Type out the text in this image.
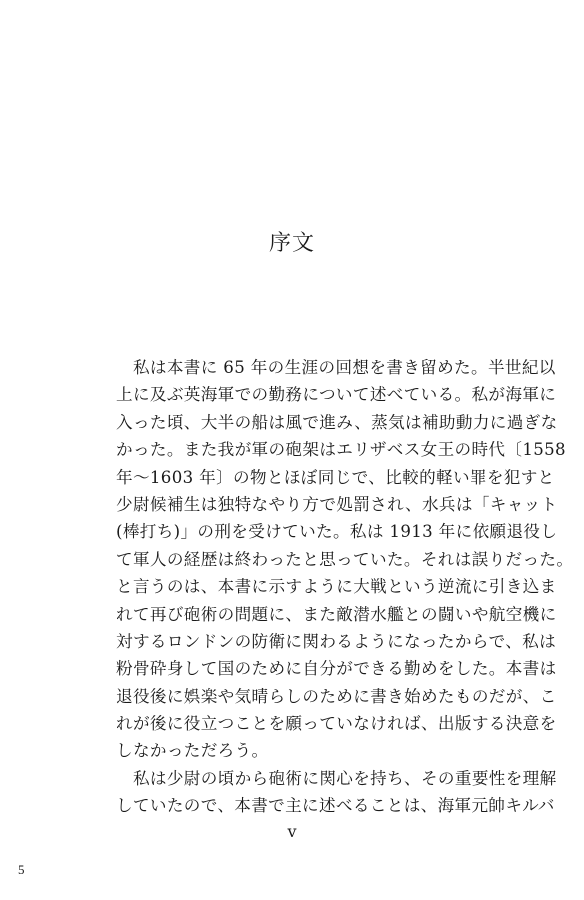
序文
　私は本書に 65 年の生涯の回想を書き留めた。半世紀以
上に及ぶ英海軍での勤務について述べている。私が海軍に
入った頃、大半の船は風で進み、蒸気は補助動力に過ぎな
かった。また我が軍の砲架はエリザベス女王の時代〔1558
年～1603 年〕の物とほぼ同じで、比較的軽い罪を犯すと
少尉候補生は独特なやり方で処罰され、水兵は「キャット
(棒打ち)」の刑を受けていた。私は 1913 年に依願退役し
て軍人の経歴は終わったと思っていた。それは誤りだった。
と言うのは、本書に示すように大戦という逆流に引き込ま
れて再び砲術の問題に、また敵潜水艦との闘いや航空機に
対するロンドンの防衛に関わるようになったからで、私は
粉骨砕身して国のために自分ができる勤めをした。本書は
退役後に娯楽や気晴らしのために書き始めたものだが、こ
れが後に役立つことを願っていなければ、出版する決意を
しなかっただろう。
　私は少尉の頃から砲術に関心を持ち、その重要性を理解
していたので、本書で主に述べることは、海軍元帥キルバ
v
5
